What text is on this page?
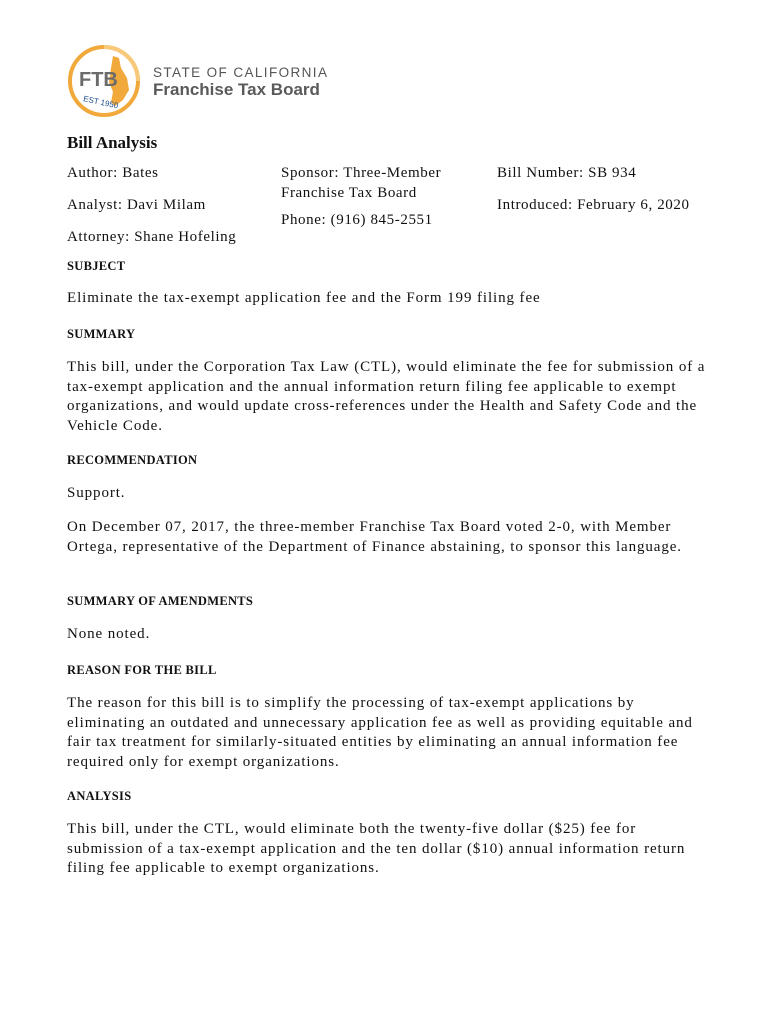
FTB
EST 1950
STATE OF CALIFORNIA
Franchise Tax Board
Bill Analysis
Author: Bates
Analyst: Davi Milam
Attorney: Shane Hofeling
Sponsor: Three-Member
Franchise Tax Board
Phone: (916) 845-2551
Bill Number: SB 934
Introduced: February 6, 2020
SUBJECT
Eliminate the tax-exempt application fee and the Form 199 filing fee
SUMMARY
This bill, under the Corporation Tax Law (CTL), would eliminate the fee for submission of a tax-exempt application and the annual information return filing fee applicable to exempt organizations, and would update cross-references under the Health and Safety Code and the Vehicle Code.
RECOMMENDATION
Support.
On December 07, 2017, the three-member Franchise Tax Board voted 2-0, with Member Ortega, representative of the Department of Finance abstaining, to sponsor this language.
SUMMARY OF AMENDMENTS
None noted.
REASON FOR THE BILL
The reason for this bill is to simplify the processing of tax-exempt applications by eliminating an outdated and unnecessary application fee as well as providing equitable and fair tax treatment for similarly-situated entities by eliminating an annual information fee required only for exempt organizations.
ANALYSIS
This bill, under the CTL, would eliminate both the twenty-five dollar ($25) fee for submission of a tax-exempt application and the ten dollar ($10) annual information return filing fee applicable to exempt organizations.
